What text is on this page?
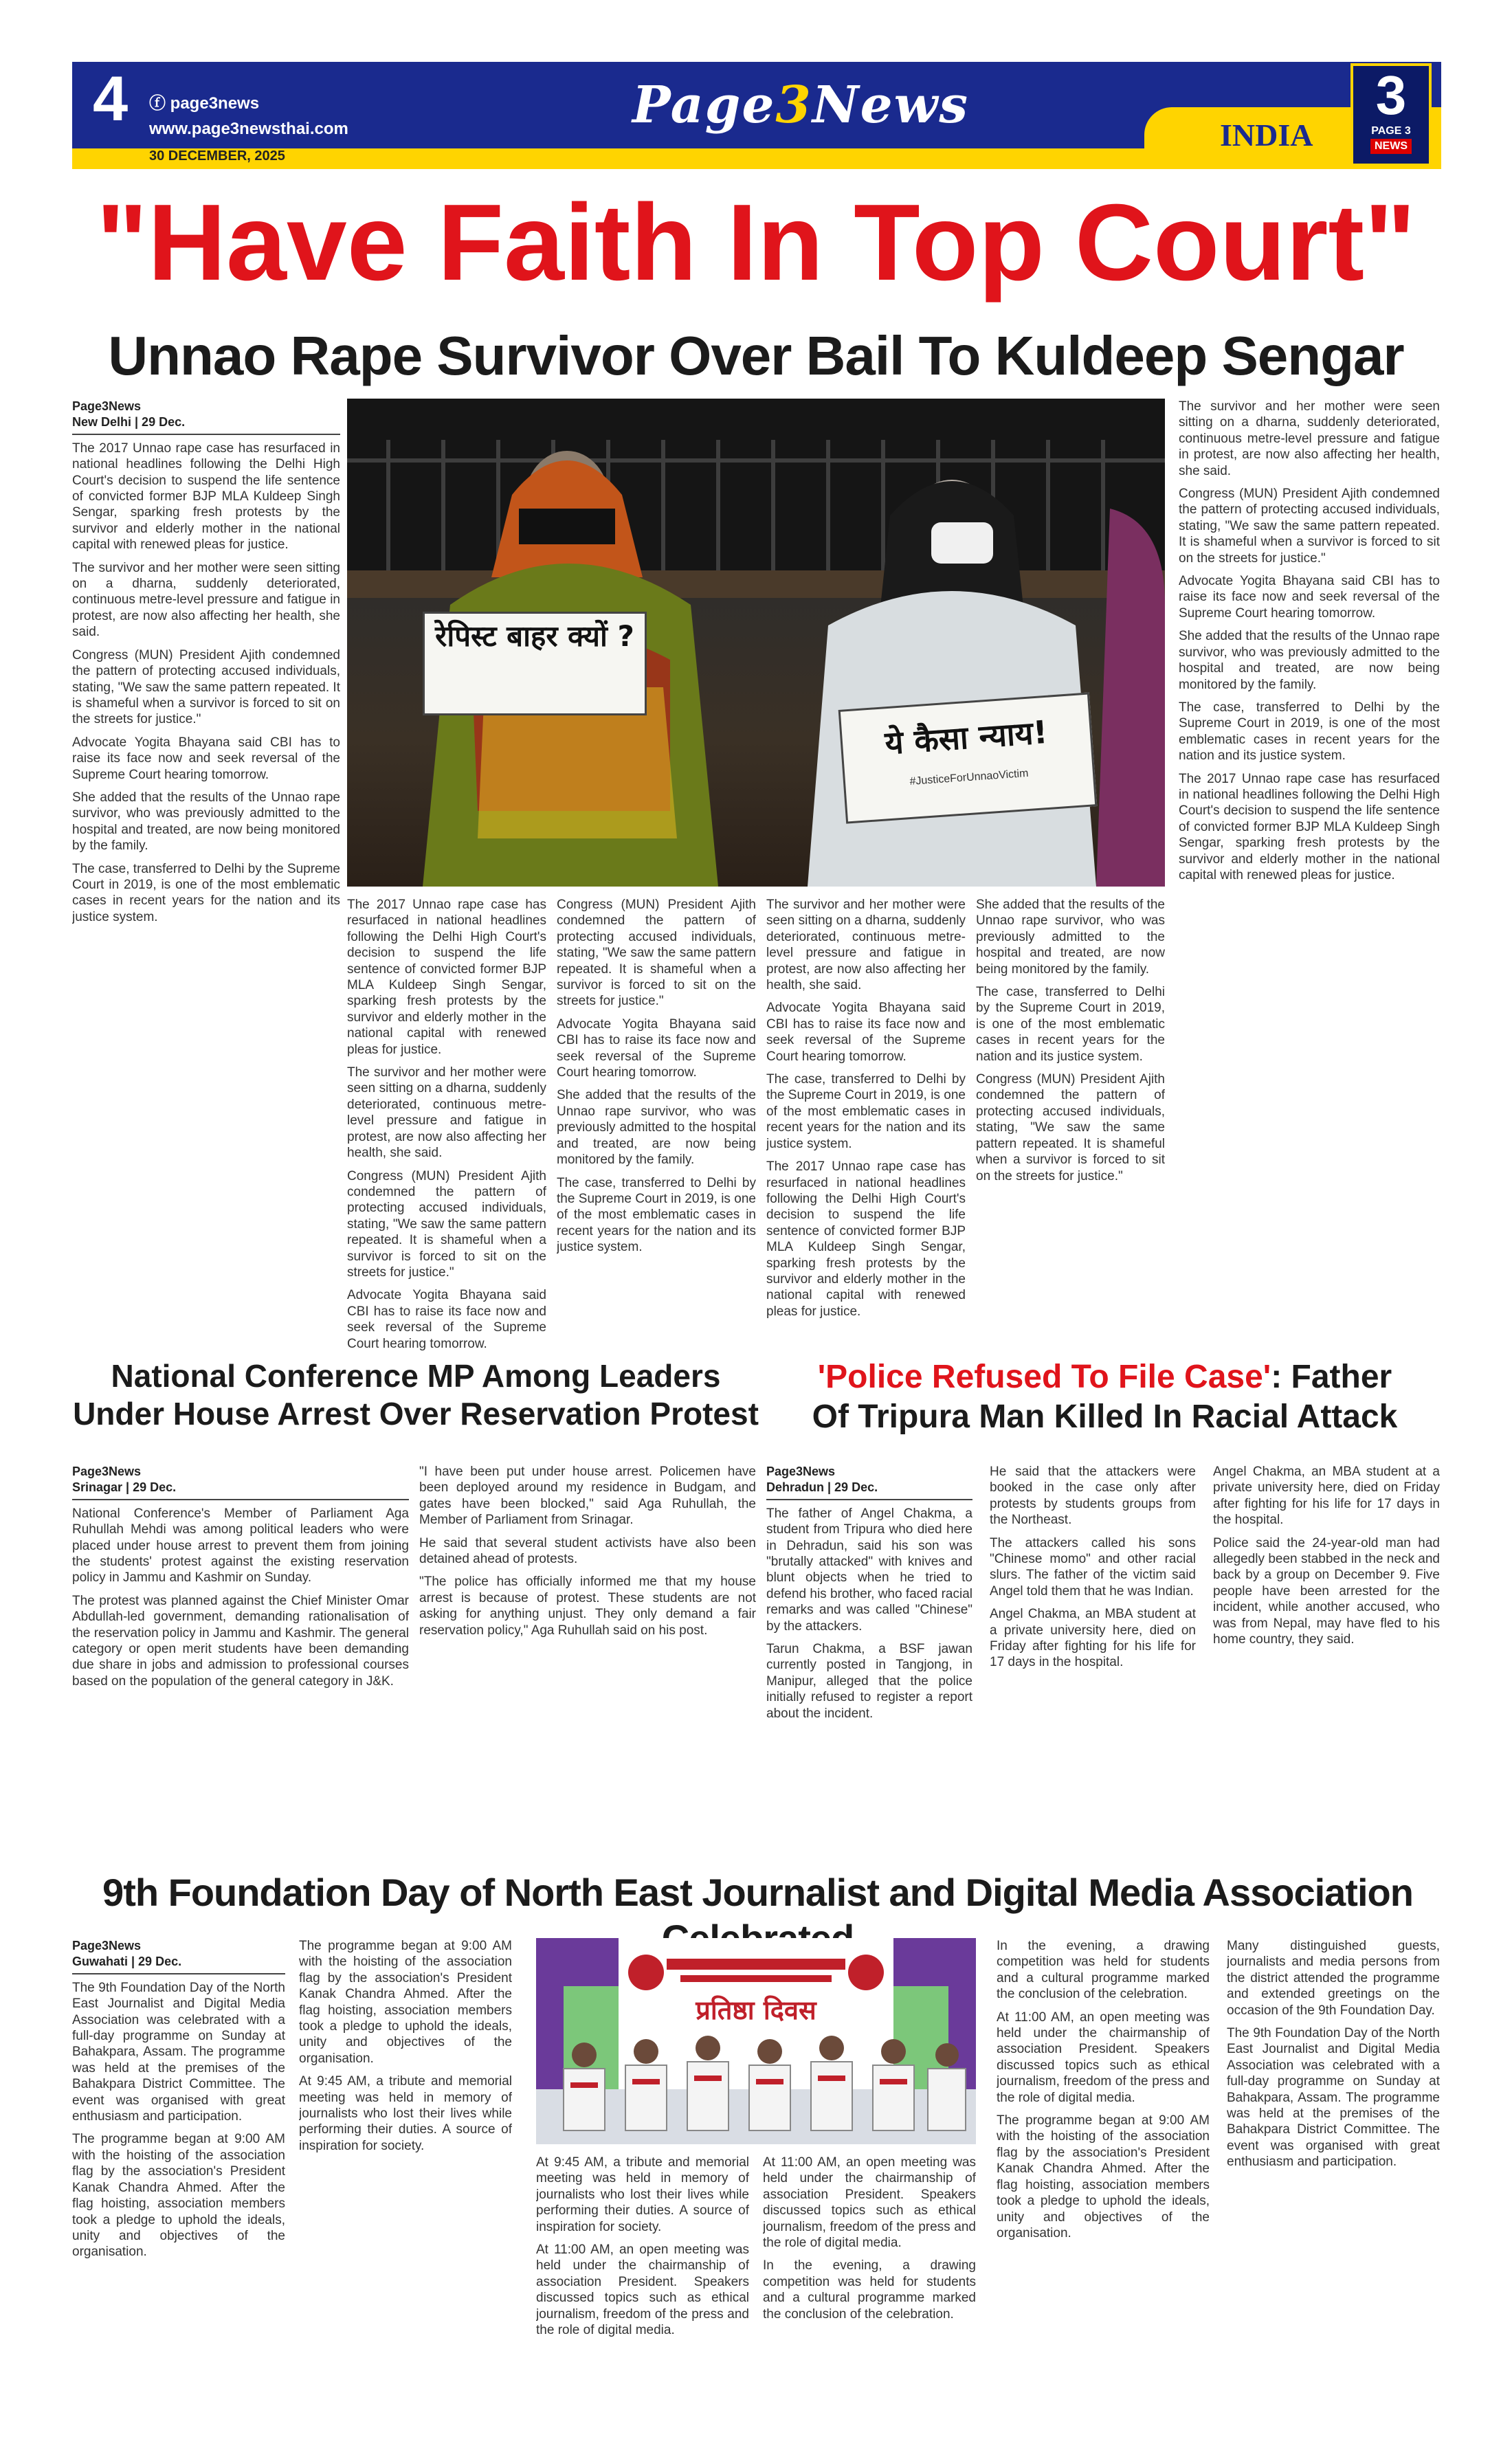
4 ⓕ page3news
www.page3newsthai.com
30 DECEMBER, 2025
Page3News
INDIA
3
PAGE 3
NEWS
"Have Faith In Top Court"
Unnao Rape Survivor Over Bail To Kuldeep Sengar
Page3News
New Delhi | 29 Dec.

The 2017 Unnao rape case has resurfaced in national headlines following the Delhi High Court's decision to suspend the life sentence of convicted former BJP MLA Kuldeep Singh Sengar, sparking fresh protests by the survivor and elderly mother in the national capital with renewed pleas for justice.

The survivor and her mother were seen sitting on a dharna, suddenly deteriorated, continuous metre-level pressure and fatigue in protest, are now also affecting her health, she said.

Congress (MUN) President Ajith condemned the pattern of protecting accused individuals, stating, "We saw the same pattern repeated. It is shameful when a survivor is forced to sit on the streets for justice."

Advocate Yogita Bhayana said CBI has to raise its face now and seek reversal of the Supreme Court hearing tomorrow.

She added that the results of the Unnao rape survivor, who was previously admitted to the hospital and treated, are now being monitored by the family.

The case, transferred to Delhi by the Supreme Court in 2019, is one of the most emblematic cases in recent years for the nation and its justice system.

रेपिस्ट बाहर क्यों ?
ये कैसा न्याय!
#JusticeForUnnaoVictim

The 2017 Unnao rape case has resurfaced in national headlines following the Delhi High Court's decision to suspend the life sentence of convicted former BJP MLA Kuldeep Singh Sengar, sparking fresh protests by the survivor and elderly mother in the national capital with renewed pleas for justice.

The survivor and her mother were seen sitting on a dharna, suddenly deteriorated, continuous metre-level pressure and fatigue in protest, are now also affecting her health, she said.

Congress (MUN) President Ajith condemned the pattern of protecting accused individuals, stating, "We saw the same pattern repeated. It is shameful when a survivor is forced to sit on the streets for justice."

Advocate Yogita Bhayana said CBI has to raise its face now and seek reversal of the Supreme Court hearing tomorrow.

Congress (MUN) President Ajith condemned the pattern of protecting accused individuals, stating, "We saw the same pattern repeated. It is shameful when a survivor is forced to sit on the streets for justice."

Advocate Yogita Bhayana said CBI has to raise its face now and seek reversal of the Supreme Court hearing tomorrow.

She added that the results of the Unnao rape survivor, who was previously admitted to the hospital and treated, are now being monitored by the family.

The case, transferred to Delhi by the Supreme Court in 2019, is one of the most emblematic cases in recent years for the nation and its justice system.

The survivor and her mother were seen sitting on a dharna, suddenly deteriorated, continuous metre-level pressure and fatigue in protest, are now also affecting her health, she said.

Advocate Yogita Bhayana said CBI has to raise its face now and seek reversal of the Supreme Court hearing tomorrow.

The case, transferred to Delhi by the Supreme Court in 2019, is one of the most emblematic cases in recent years for the nation and its justice system.

The 2017 Unnao rape case has resurfaced in national headlines following the Delhi High Court's decision to suspend the life sentence of convicted former BJP MLA Kuldeep Singh Sengar, sparking fresh protests by the survivor and elderly mother in the national capital with renewed pleas for justice.

She added that the results of the Unnao rape survivor, who was previously admitted to the hospital and treated, are now being monitored by the family.

The case, transferred to Delhi by the Supreme Court in 2019, is one of the most emblematic cases in recent years for the nation and its justice system.

Congress (MUN) President Ajith condemned the pattern of protecting accused individuals, stating, "We saw the same pattern repeated. It is shameful when a survivor is forced to sit on the streets for justice."

The survivor and her mother were seen sitting on a dharna, suddenly deteriorated, continuous metre-level pressure and fatigue in protest, are now also affecting her health, she said.

Congress (MUN) President Ajith condemned the pattern of protecting accused individuals, stating, "We saw the same pattern repeated. It is shameful when a survivor is forced to sit on the streets for justice."

Advocate Yogita Bhayana said CBI has to raise its face now and seek reversal of the Supreme Court hearing tomorrow.

She added that the results of the Unnao rape survivor, who was previously admitted to the hospital and treated, are now being monitored by the family.

The case, transferred to Delhi by the Supreme Court in 2019, is one of the most emblematic cases in recent years for the nation and its justice system.

The 2017 Unnao rape case has resurfaced in national headlines following the Delhi High Court's decision to suspend the life sentence of convicted former BJP MLA Kuldeep Singh Sengar, sparking fresh protests by the survivor and elderly mother in the national capital with renewed pleas for justice.

National Conference MP Among Leaders
Under House Arrest Over Reservation Protest
Page3News
Srinagar | 29 Dec.

National Conference's Member of Parliament Aga Ruhullah Mehdi was among political leaders who were placed under house arrest to prevent them from joining the students' protest against the existing reservation policy in Jammu and Kashmir on Sunday.

The protest was planned against the Chief Minister Omar Abdullah-led government, demanding rationalisation of the reservation policy in Jammu and Kashmir. The general category or open merit students have been demanding due share in jobs and admission to professional courses based on the population of the general category in J&K.

"I have been put under house arrest. Policemen have been deployed around my residence in Budgam, and gates have been blocked," said Aga Ruhullah, the Member of Parliament from Srinagar.

He said that several student activists have also been detained ahead of protests.

"The police has officially informed me that my house arrest is because of protest. These students are not asking for anything unjust. They only demand a fair reservation policy," Aga Ruhullah said on his post.

'Police Refused To File Case': Father
Of Tripura Man Killed In Racial Attack
Page3News
Dehradun | 29 Dec.

The father of Angel Chakma, a student from Tripura who died here in Dehradun, said his son was "brutally attacked" with knives and blunt objects when he tried to defend his brother, who faced racial remarks and was called "Chinese" by the attackers.

Tarun Chakma, a BSF jawan currently posted in Tangjong, in Manipur, alleged that the police initially refused to register a report about the incident.

He said that the attackers were booked in the case only after protests by students groups from the Northeast.

The attackers called his sons "Chinese momo" and other racial slurs. The father of the victim said Angel told them that he was Indian.

Angel Chakma, an MBA student at a private university here, died on Friday after fighting for his life for 17 days in the hospital.

Angel Chakma, an MBA student at a private university here, died on Friday after fighting for his life for 17 days in the hospital.

Police said the 24-year-old man had allegedly been stabbed in the neck and back by a group on December 9. Five people have been arrested for the incident, while another accused, who was from Nepal, may have fled to his home country, they said.

9th Foundation Day of North East Journalist and Digital Media Association
Page3News
Guwahati | 29 Dec.

The 9th Foundation Day of the North East Journalist and Digital Media Association was celebrated with a full-day programme on Sunday at Bahakpara, Assam. The programme was held at the premises of the Bahakpara District Committee. The event was organised with great enthusiasm and participation.

The programme began at 9:00 AM with the hoisting of the association flag by the association's President Kanak Chandra Ahmed. After the flag hoisting, association members took a pledge to uphold the ideals, unity and objectives of the organisation.

The programme began at 9:00 AM with the hoisting of the association flag by the association's President Kanak Chandra Ahmed. After the flag hoisting, association members took a pledge to uphold the ideals, unity and objectives of the organisation.

At 9:45 AM, a tribute and memorial meeting was held in memory of journalists who lost their lives while performing their duties. A source of inspiration for society.

प्रतिष्ठा दिवस

At 9:45 AM, a tribute and memorial meeting was held in memory of journalists who lost their lives while performing their duties. A source of inspiration for society.

At 11:00 AM, an open meeting was held under the chairmanship of association President. Speakers discussed topics such as ethical journalism, freedom of the press and the role of digital media.

At 11:00 AM, an open meeting was held under the chairmanship of association President. Speakers discussed topics such as ethical journalism, freedom of the press and the role of digital media.

In the evening, a drawing competition was held for students and a cultural programme marked the conclusion of the celebration.

In the evening, a drawing competition was held for students and a cultural programme marked the conclusion of the celebration.

At 11:00 AM, an open meeting was held under the chairmanship of association President. Speakers discussed topics such as ethical journalism, freedom of the press and the role of digital media.

The programme began at 9:00 AM with the hoisting of the association flag by the association's President Kanak Chandra Ahmed. After the flag hoisting, association members took a pledge to uphold the ideals, unity and objectives of the organisation.

Many distinguished guests, journalists and media persons from the district attended the programme and extended greetings on the occasion of the 9th Foundation Day.

The 9th Foundation Day of the North East Journalist and Digital Media Association was celebrated with a full-day programme on Sunday at Bahakpara, Assam. The programme was held at the premises of the Bahakpara District Committee. The event was organised with great enthusiasm and participation.
